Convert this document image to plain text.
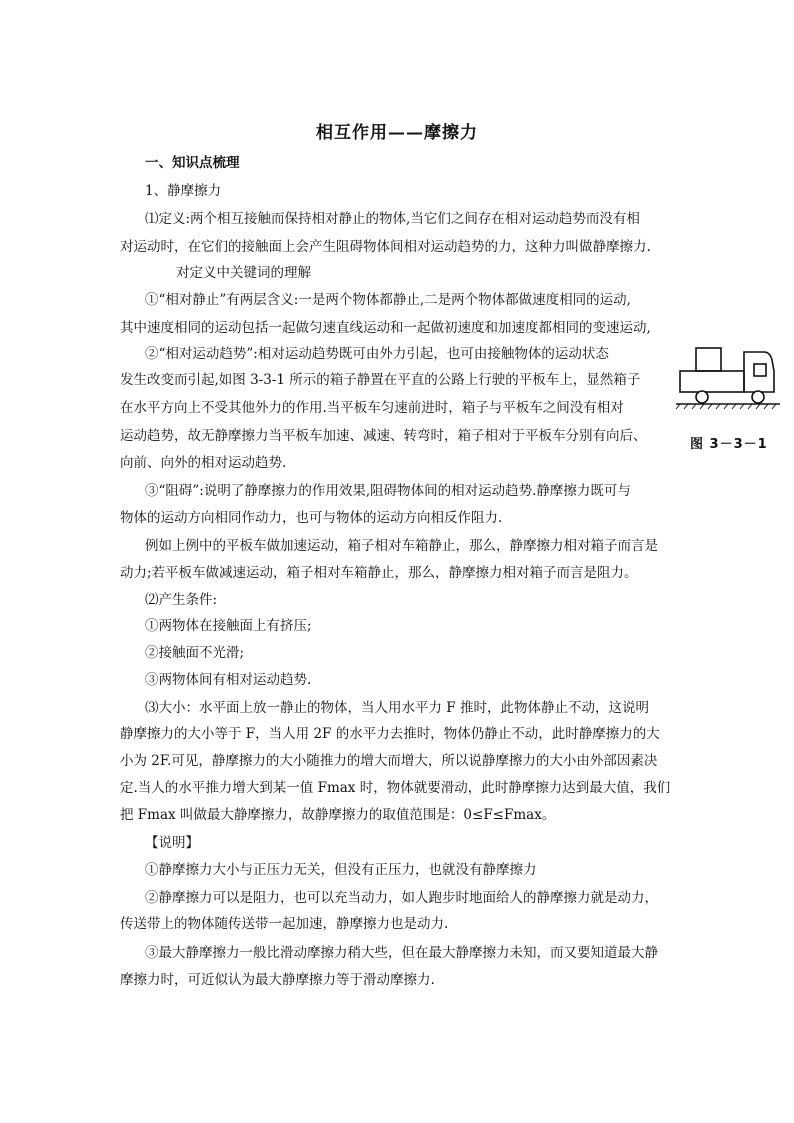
相互作用——摩擦力
一、知识点梳理
1、静摩擦力
⑴定义:两个相互接触而保持相对静止的物体,当它们之间存在相对运动趋势而没有相
对运动时，在它们的接触面上会产生阻碍物体间相对运动趋势的力，这种力叫做静摩擦力.
对定义中关键词的理解
①“相对静止”有两层含义:一是两个物体都静止,二是两个物体都做速度相同的运动,
其中速度相同的运动包括一起做匀速直线运动和一起做初速度和加速度都相同的变速运动,
②“相对运动趋势”:相对运动趋势既可由外力引起，也可由接触物体的运动状态
发生改变而引起,如图 3-3-1 所示的箱子静置在平直的公路上行驶的平板车上，显然箱子
在水平方向上不受其他外力的作用.当平板车匀速前进时，箱子与平板车之间没有相对
运动趋势，故无静摩擦力当平板车加速、减速、转弯时，箱子相对于平板车分别有向后、
向前、向外的相对运动趋势.
③“阻碍”:说明了静摩擦力的作用效果,阻碍物体间的相对运动趋势.静摩擦力既可与
物体的运动方向相同作动力，也可与物体的运动方向相反作阻力.
例如上例中的平板车做加速运动，箱子相对车箱静止，那么，静摩擦力相对箱子而言是
动力;若平板车做减速运动，箱子相对车箱静止，那么，静摩擦力相对箱子而言是阻力。
⑵产生条件:
①两物体在接触面上有挤压;
②接触面不光滑;
③两物体间有相对运动趋势.
⑶大小：水平面上放一静止的物体，当人用水平力 F 推时，此物体静止不动，这说明
静摩擦力的大小等于 F，当人用 2F 的水平力去推时，物体仍静止不动，此时静摩擦力的大
小为 2F.可见，静摩擦力的大小随推力的增大而增大，所以说静摩擦力的大小由外部因素决
定.当人的水平推力增大到某一值 Fmax 时，物体就要滑动，此时静摩擦力达到最大值，我们
把 Fmax 叫做最大静摩擦力，故静摩擦力的取值范围是：0≤F≤Fmax。
【说明】
①静摩擦力大小与正压力无关，但没有正压力，也就没有静摩擦力
②静摩擦力可以是阻力，也可以充当动力，如人跑步时地面给人的静摩擦力就是动力，
传送带上的物体随传送带一起加速，静摩擦力也是动力.
③最大静摩擦力一般比滑动摩擦力稍大些，但在最大静摩擦力未知，而又要知道最大静
摩擦力时，可近似认为最大静摩擦力等于滑动摩擦力.
图 3－3－1
